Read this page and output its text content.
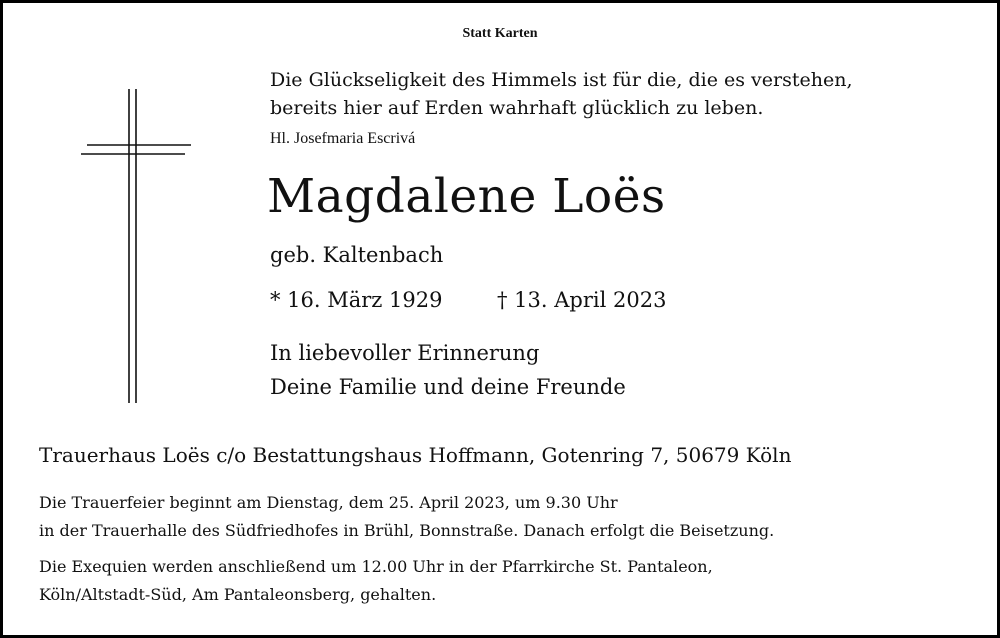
Statt Karten
Die Glückseligkeit des Himmels ist für die, die es verstehen,
bereits hier auf Erden wahrhaft glücklich zu leben.
Hl. Josefmaria Escrivá
Magdalene Loës
geb. Kaltenbach
* 16. März 1929	† 13. April 2023
In liebevoller Erinnerung
Deine Familie und deine Freunde
Trauerhaus Loës c/o Bestattungshaus Hoffmann, Gotenring 7, 50679 Köln
Die Trauerfeier beginnt am Dienstag, dem 25. April 2023, um 9.30 Uhr
in der Trauerhalle des Südfriedhofes in Brühl, Bonnstraße. Danach erfolgt die Beisetzung.
Die Exequien werden anschließend um 12.00 Uhr in der Pfarrkirche St. Pantaleon,
Köln/Altstadt-Süd, Am Pantaleonsberg, gehalten.
